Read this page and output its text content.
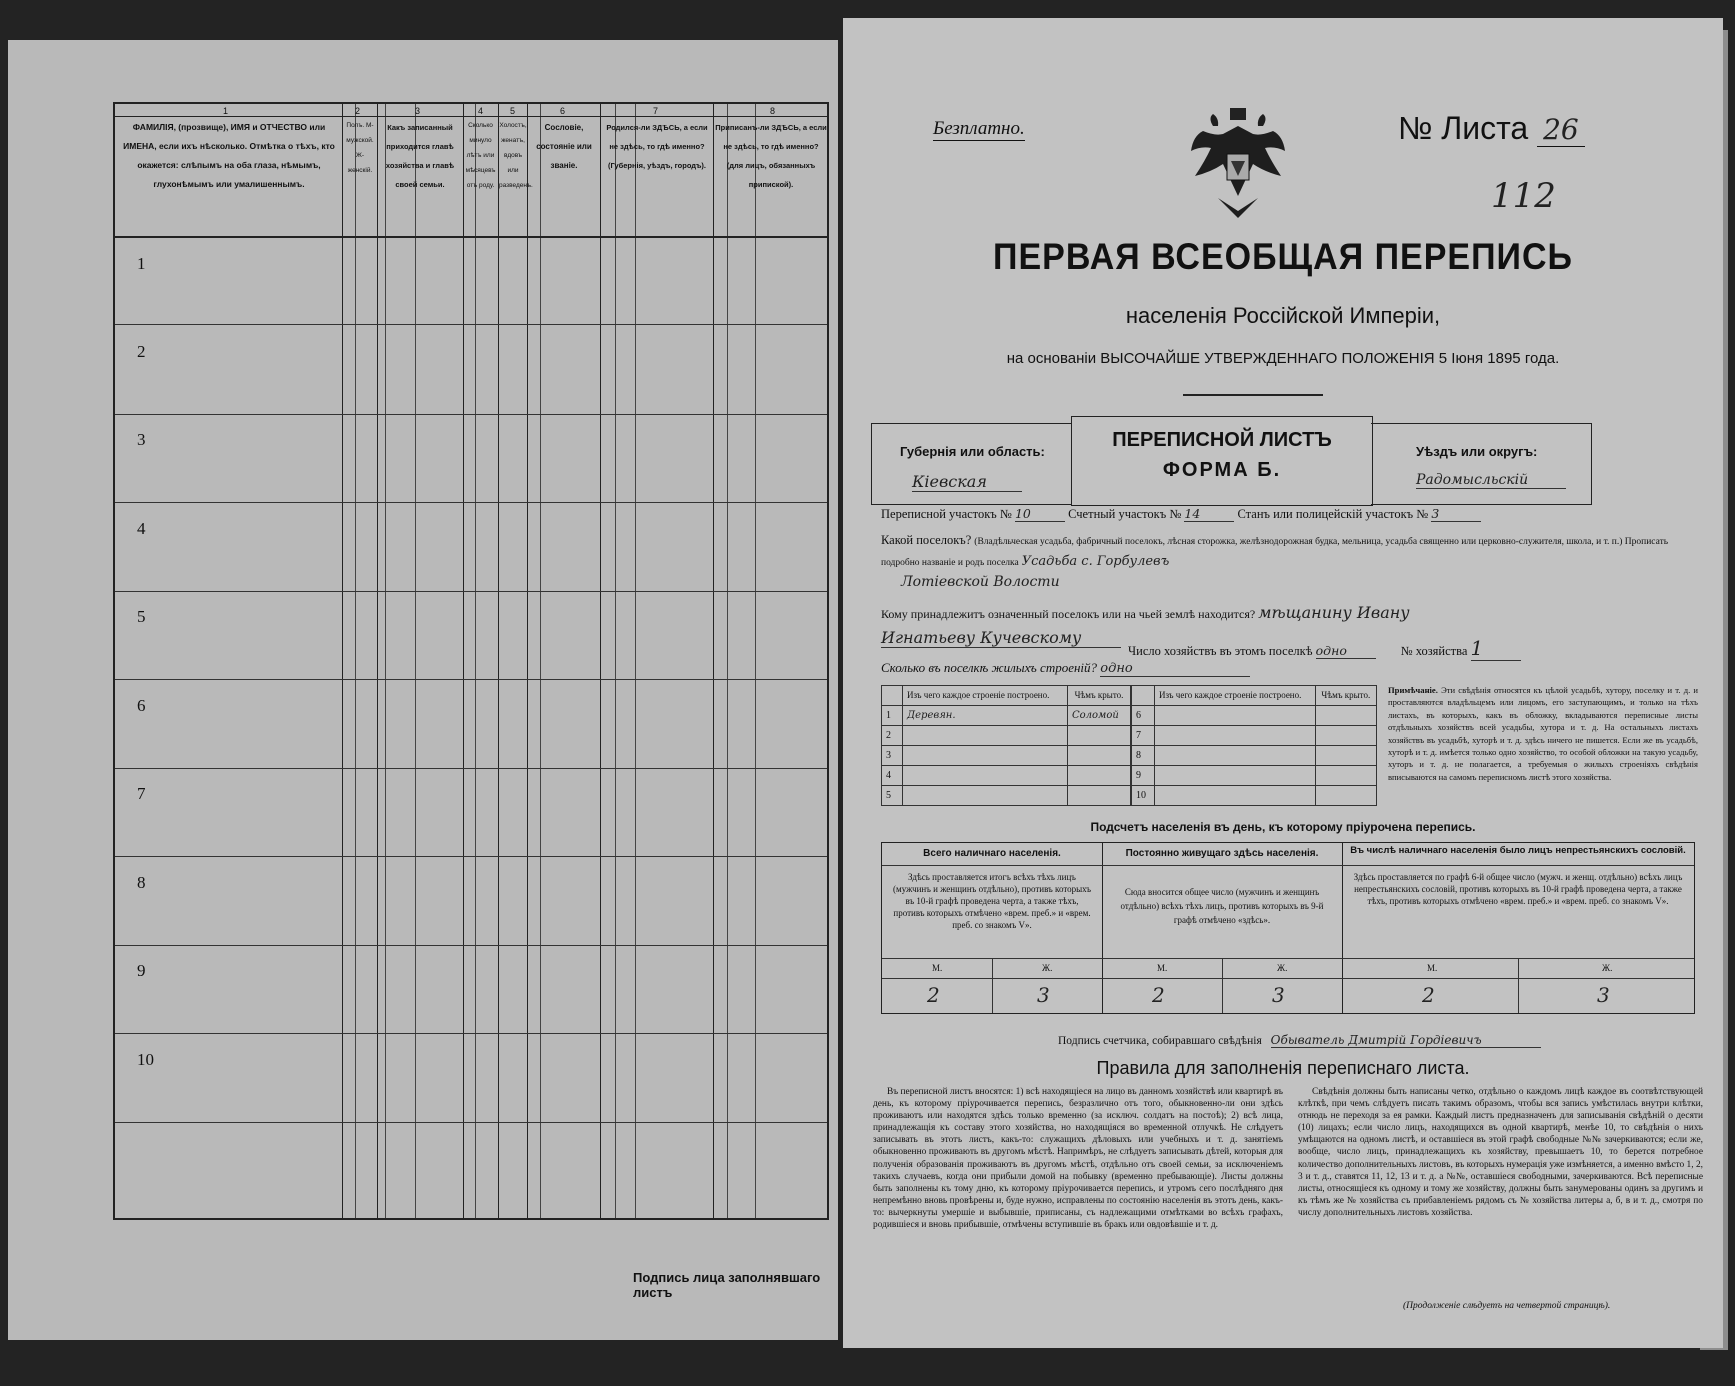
1	2	3	4	5	6	7	8
ФАМИЛІЯ, (прозвище), ИМЯ и ОТЧЕСТВО или ИМЕНА, если ихъ нѣсколько. Отмѣтка о тѣхъ, кто окажется: слѣпымъ на оба глаза, нѣмымъ, глухонѣмымъ или умалишеннымъ.
Полъ. М-мужской. Ж-женскій.
Какъ записанный приходится главѣ хозяйства и главѣ своей семьи.
Сколько минуло лѣтъ или мѣсяцевъ отъ роду.
Холостъ, женатъ, вдовъ или разведенъ.
Сословіе, состояніе или званіе.
Родился-ли ЗДѢСЬ, а если не здѣсь, то гдѣ именно? (Губернія, уѣздъ, городъ).
Приписанъ-ли ЗДѢСЬ, а если не здѣсь, то гдѣ именно? (для лицъ, обязанныхъ припиской).
1
2
3
4
5
6
7
8
9
10
Подпись лица заполнявшаго листъ
Безплатно.	№ Листа 26
112
ПЕРВАЯ ВСЕОБЩАЯ ПЕРЕПИСЬ
населенія Россійской Имперіи,
на основаніи ВЫСОЧАЙШЕ УТВЕРЖДЕННАГО ПОЛОЖЕНІЯ 5 Іюня 1895 года.
Губернія или область:
Кіевская
ПЕРЕПИСНОЙ ЛИСТЪ
ФОРМА Б.
Уѣздъ или округъ:
Радомысльскій
Переписной участокъ № 10	Счетный участокъ № 14	Станъ или полицейскій участокъ № 3
Какой поселокъ? (Владѣльческая усадьба, фабричный поселокъ, лѣсная сторожка, желѣзнодорожная будка, мельница, усадьба священно или церковно-служителя, школа, и т. п.) Прописать подробно названіе и родъ поселка Усадьба с. Горбулевъ
Лотіевской Волости
Кому принадлежитъ означенный поселокъ или на чьей землѣ находится? мѣщанину Ивану
Игнатьеву Кучевскому
Число хозяйствъ въ этомъ поселкѣ одно	№ хозяйства 1
Сколько въ поселкѣ жилыхъ строеній? одно
	Изъ чего каждое строеніе построено.	Чѣмъ крыто.
1	Деревян.	Соломой
2		
3		
4		
5		
	Изъ чего каждое строеніе построено.	Чѣмъ крыто.
6		
7		
8		
9		
10		
Примѣчаніе. Эти свѣдѣнія относятся къ цѣлой усадьбѣ, хутору, поселку и т. д. и проставляются владѣльцемъ или лицомъ, его заступающимъ, и только на тѣхъ листахъ, въ которыхъ, какъ въ обложку, вкладываются переписные листы отдѣльныхъ хозяйствъ всей усадьбы, хутора и т. д. На остальныхъ листахъ хозяйствъ въ усадьбѣ, хуторѣ и т. д. здѣсь ничего не пишется. Если же въ усадьбѣ, хуторѣ и т. д. имѣется только одно хозяйство, то особой обложки на такую усадьбу, хуторъ и т. д. не полагается, а требуемыя о жилыхъ строеніяхъ свѣдѣнія вписываются на самомъ переписномъ листѣ этого хозяйства.
Подсчетъ населенія въ день, къ которому пріурочена перепись.
Всего наличнаго населенія.	Постоянно живущаго здѣсь населенія.	Въ числѣ наличнаго населенія было лицъ непрестьянскихъ сословій.
Здѣсь проставляется итогъ всѣхъ тѣхъ лицъ (мужчинъ и женщинъ отдѣльно), противъ которыхъ въ 10-й графѣ проведена черта, а также тѣхъ, противъ которыхъ отмѣчено «врем. преб.» и «врем. преб. со знакомъ V».
Сюда вносится общее число (мужчинъ и женщинъ отдѣльно) всѣхъ тѣхъ лицъ, противъ которыхъ въ 9-й графѣ отмѣчено «здѣсь».
Здѣсь проставляется по графѣ 6-й общее число (мужч. и женщ. отдѣльно) всѣхъ лицъ непрестьянскихъ сословій, противъ которыхъ въ 10-й графѣ проведена черта, а также тѣхъ, противъ которыхъ отмѣчено «врем. преб.» и «врем. преб. со знакомъ V».
М.	Ж.	М.	Ж.	М.	Ж.
2	3	2	3	2	3
Подпись счетчика, собиравшаго свѣдѣнія Обыватель Дмитрій Гордіевичъ
Правила для заполненія переписнаго листа.
Въ переписной листъ вносятся: 1) всѣ находящіеся на лицо въ данномъ хозяйствѣ или квартирѣ въ день, къ которому пріурочивается перепись, безразлично отъ того, обыкновенно-ли они здѣсь проживаютъ или находятся здѣсь только временно (за исключ. солдатъ на постоѣ); 2) всѣ лица, принадлежащія къ составу этого хозяйства, но находящіяся во временной отлучкѣ. Не слѣдуетъ записывать въ этотъ листъ, какъ-то: служащихъ дѣловыхъ или учебныхъ и т. д. занятіемъ обыкновенно проживають въ другомъ мѣстѣ. Напримѣръ, не слѣдуетъ записывать дѣтей, которыя для полученія образованія проживаютъ въ другомъ мѣстѣ, отдѣльно отъ своей семьи, за исключеніемъ такихъ случаевъ, когда они прибыли домой на побывку (временно пребывающіе). Листы должны быть заполнены къ тому дню, къ которому пріурочивается перепись, и утромъ сего послѣдняго дня непремѣнно вновь провѣрены и, буде нужно, исправлены по состоянію населенія въ этотъ день, какъ-то: вычеркнуты умершіе и выбывшіе, приписаны, съ надлежащими отмѣтками во всѣхъ графахъ, родившіеся и вновь прибывшіе, отмѣчены вступившіе въ бракъ или овдовѣвшіе и т. д.
Свѣдѣнія должны быть написаны четко, отдѣльно о каждомъ лицѣ каждое въ соотвѣтствующей клѣткѣ, при чемъ слѣдуетъ писать такимъ образомъ, чтобы вся запись умѣстилась внутри клѣтки, отнюдь не переходя за ея рамки. Каждый листъ предназначенъ для записыванія свѣдѣній о десяти (10) лицахъ; если число лицъ, находящихся въ одной квартирѣ, менѣе 10, то свѣдѣнія о нихъ умѣщаются на одномъ листѣ, и оставшіеся въ этой графѣ свободные №№ зачеркиваются; если же, вообще, число лицъ, принадлежащихъ къ хозяйству, превышаетъ 10, то берется потребное количество дополнительныхъ листовъ, въ которыхъ нумерація уже измѣняется, а именно вмѣсто 1, 2, 3 и т. д., ставятся 11, 12, 13 и т. д. а №№, оставшіеся свободными, зачеркиваются. Всѣ переписные листы, относящіеся къ одному и тому же хозяйству, должны быть занумерованы одинъ за другимъ и къ тѣмъ же № хозяйства съ прибавленіемъ рядомъ съ № хозяйства литеры а, б, в и т. д., смотря по числу дополнительныхъ листовъ хозяйства.
(Продолженіе слѣдуетъ на четвертой страницѣ).
